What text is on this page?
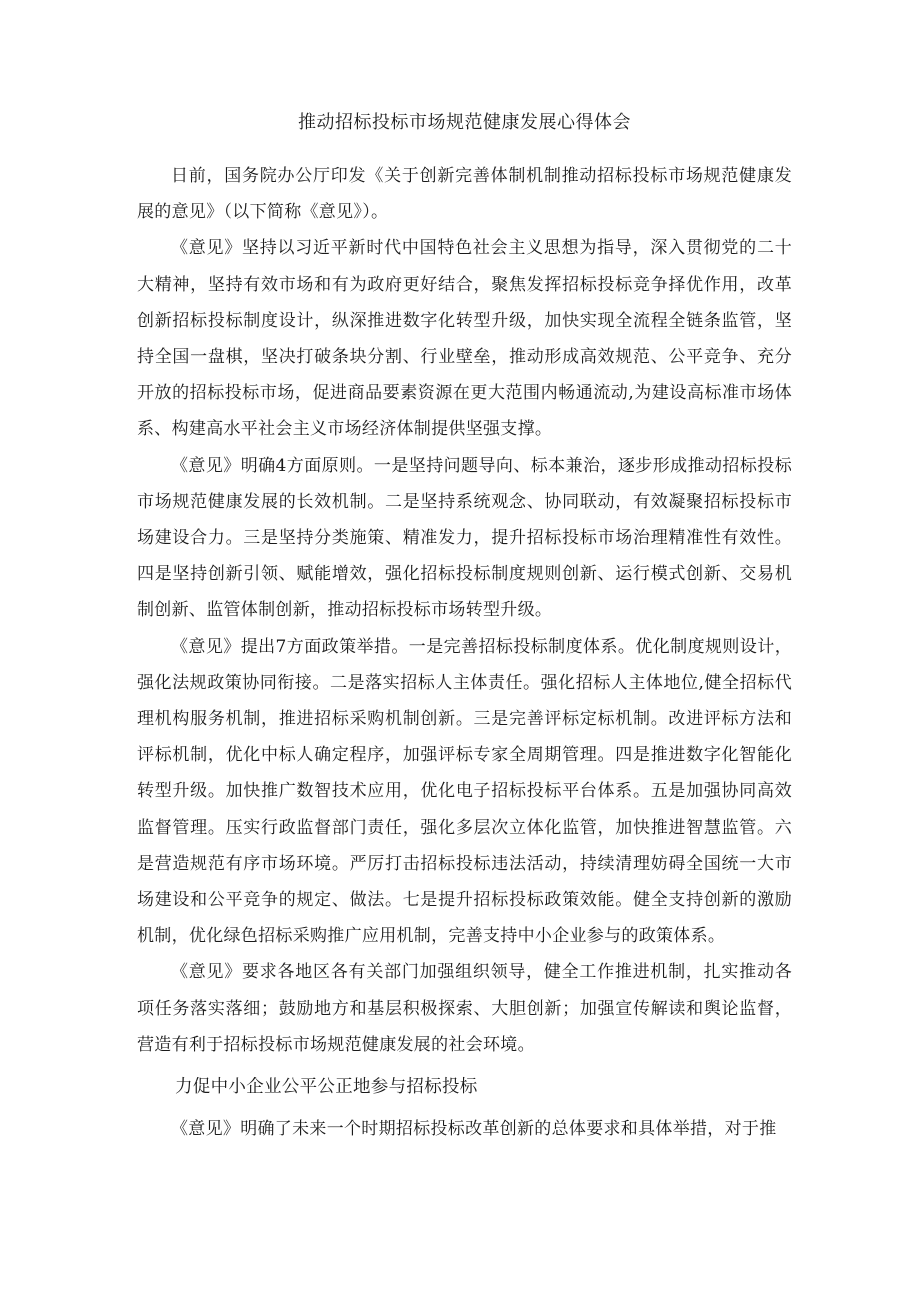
推动招标投标市场规范健康发展心得体会

日前，国务院办公厅印发《关于创新完善体制机制推动招标投标市场规范健康发展的意见》（以下简称《意见》）。

《意见》坚持以习近平新时代中国特色社会主义思想为指导，深入贯彻党的二十大精神，坚持有效市场和有为政府更好结合，聚焦发挥招标投标竞争择优作用，改革创新招标投标制度设计，纵深推进数字化转型升级，加快实现全流程全链条监管，坚持全国一盘棋，坚决打破条块分割、行业壁垒，推动形成高效规范、公平竞争、充分开放的招标投标市场，促进商品要素资源在更大范围内畅通流动,为建设高标准市场体系、构建高水平社会主义市场经济体制提供坚强支撑。

《意见》明确4方面原则。一是坚持问题导向、标本兼治，逐步形成推动招标投标市场规范健康发展的长效机制。二是坚持系统观念、协同联动，有效凝聚招标投标市场建设合力。三是坚持分类施策、精准发力，提升招标投标市场治理精准性有效性。四是坚持创新引领、赋能增效，强化招标投标制度规则创新、运行模式创新、交易机制创新、监管体制创新，推动招标投标市场转型升级。

《意见》提出7方面政策举措。一是完善招标投标制度体系。优化制度规则设计，强化法规政策协同衔接。二是落实招标人主体责任。强化招标人主体地位,健全招标代理机构服务机制，推进招标采购机制创新。三是完善评标定标机制。改进评标方法和评标机制，优化中标人确定程序，加强评标专家全周期管理。四是推进数字化智能化转型升级。加快推广数智技术应用，优化电子招标投标平台体系。五是加强协同高效监督管理。压实行政监督部门责任，强化多层次立体化监管，加快推进智慧监管。六是营造规范有序市场环境。严厉打击招标投标违法活动，持续清理妨碍全国统一大市场建设和公平竞争的规定、做法。七是提升招标投标政策效能。健全支持创新的激励机制，优化绿色招标采购推广应用机制，完善支持中小企业参与的政策体系。

《意见》要求各地区各有关部门加强组织领导，健全工作推进机制，扎实推动各项任务落实落细；鼓励地方和基层积极探索、大胆创新；加强宣传解读和舆论监督，营造有利于招标投标市场规范健康发展的社会环境。

力促中小企业公平公正地参与招标投标

《意见》明确了未来一个时期招标投标改革创新的总体要求和具体举措，对于推
